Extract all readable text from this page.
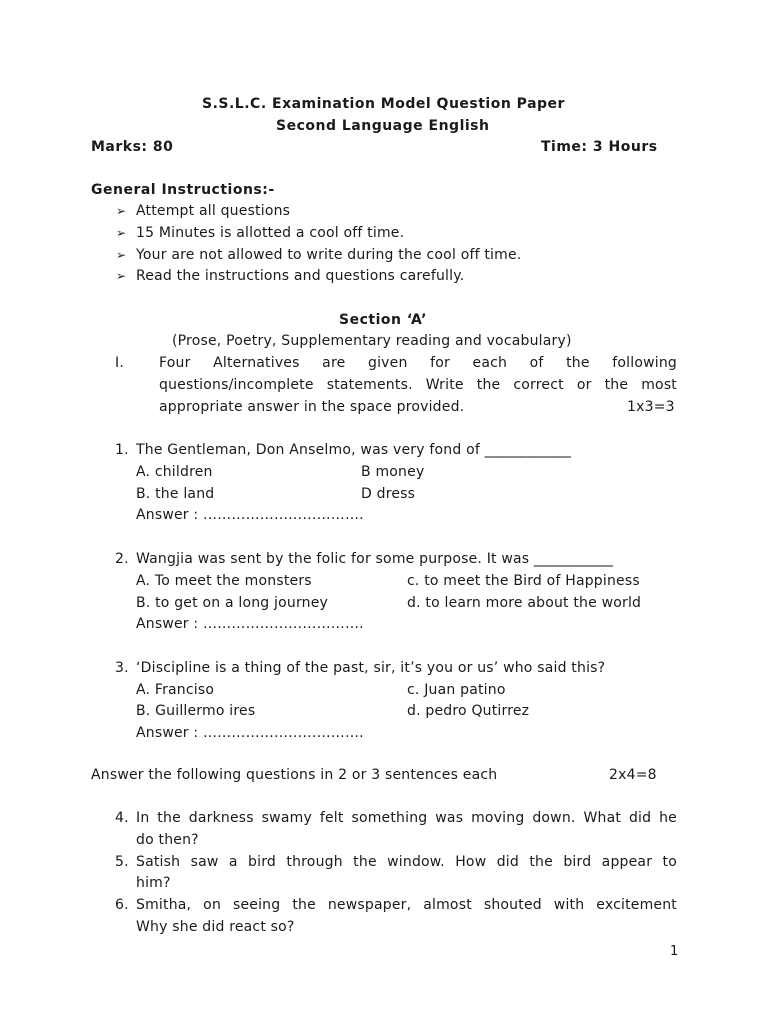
S.S.L.C. Examination Model Question Paper
Second Language English
Marks: 80	Time: 3 Hours
General Instructions:-
➢ Attempt all questions
➢ 15 Minutes is allotted a cool off time.
➢ Your are not allowed to write during the cool off time.
➢ Read the instructions and questions carefully.
Section ‘A’
(Prose, Poetry, Supplementary reading and vocabulary)
I.	Four Alternatives are given for each of the following
questions/incomplete statements. Write the correct or the most
appropriate answer in the space provided.	1x3=3
1. The Gentleman, Don Anselmo, was very fond of ____________
A. children	B money
B. the land	D dress
Answer : …………………………….
2. Wangjia was sent by the folic for some purpose. It was ___________
A. To meet the monsters	c. to meet the Bird of Happiness
B. to get on a long journey	d. to learn more about the world
Answer : …………………………….
3. ‘Discipline is a thing of the past, sir, it’s you or us’ who said this?
A. Franciso	c. Juan patino
B. Guillermo ires	d. pedro Qutirrez
Answer : …………………………….
Answer the following questions in 2 or 3 sentences each	2x4=8
4. In the darkness swamy felt something was moving down. What did he
do then?
5. Satish saw a bird through the window. How did the bird appear to
him?
6. Smitha, on seeing the newspaper, almost shouted with excitement
Why she did react so?
1
